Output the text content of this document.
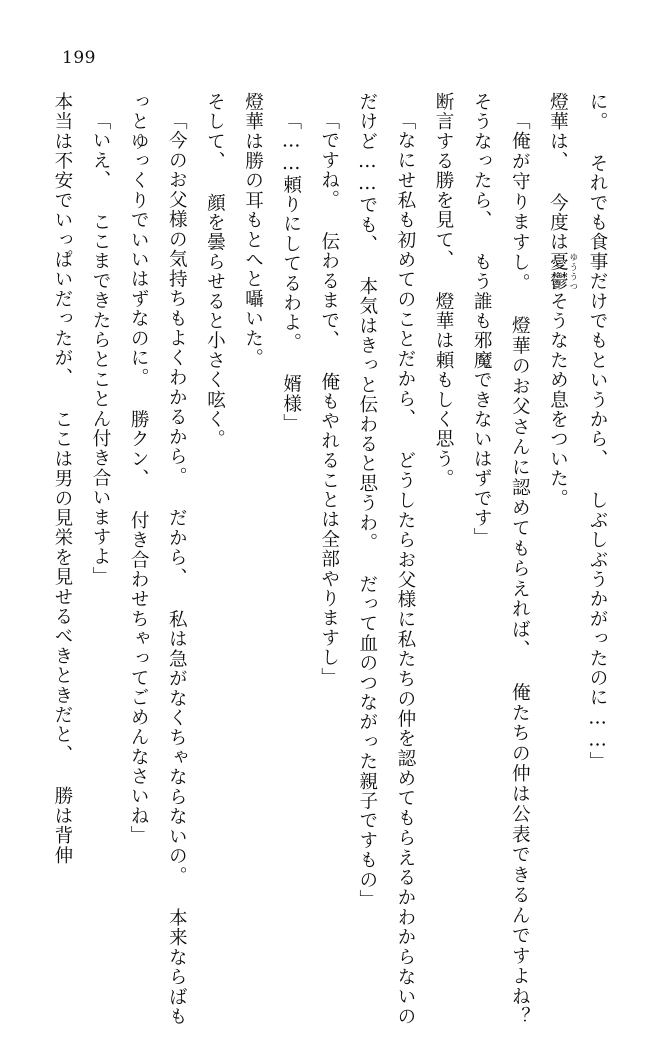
199

に。 それでも食事だけでもというから、 しぶしぶうかがったのに……」

燈華は、 今度は憂鬱 ゆううつそうなため息をついた。

「俺が守りますし。 燈華のお父さんに認めてもらえれば、 俺たちの仲は公表できるんですよね？ そうなったら、 もう誰も邪魔できないはずです」

断言する勝を見て、 燈華は頼もしく思う。

「なにせ私も初めてのことだから、 どうしたらお父様に私たちの仲を認めてもらえるかわからないのだけど……でも、 本気はきっと伝わると思うわ。 だって血のつながった親子ですもの」

「ですね。 伝わるまで、 俺もやれることは全部やりますし」

「……頼りにしてるわよ。 婿様」

燈華は勝の耳もとへと囁いた。

そして、 顔を曇らせると小さく呟く。

「今のお父様の気持ちもよくわかるから。 だから、 私は急がなくちゃならないの。 本来ならばもっとゆっくりでいいはずなのに。 勝クン、 付き合わせちゃってごめんなさいね」

「いえ、 ここまできたらとことん付き合いますよ」

本当は不安でいっぱいだったが、 ここは男の見栄を見せるべきときだと、 勝は背伸
